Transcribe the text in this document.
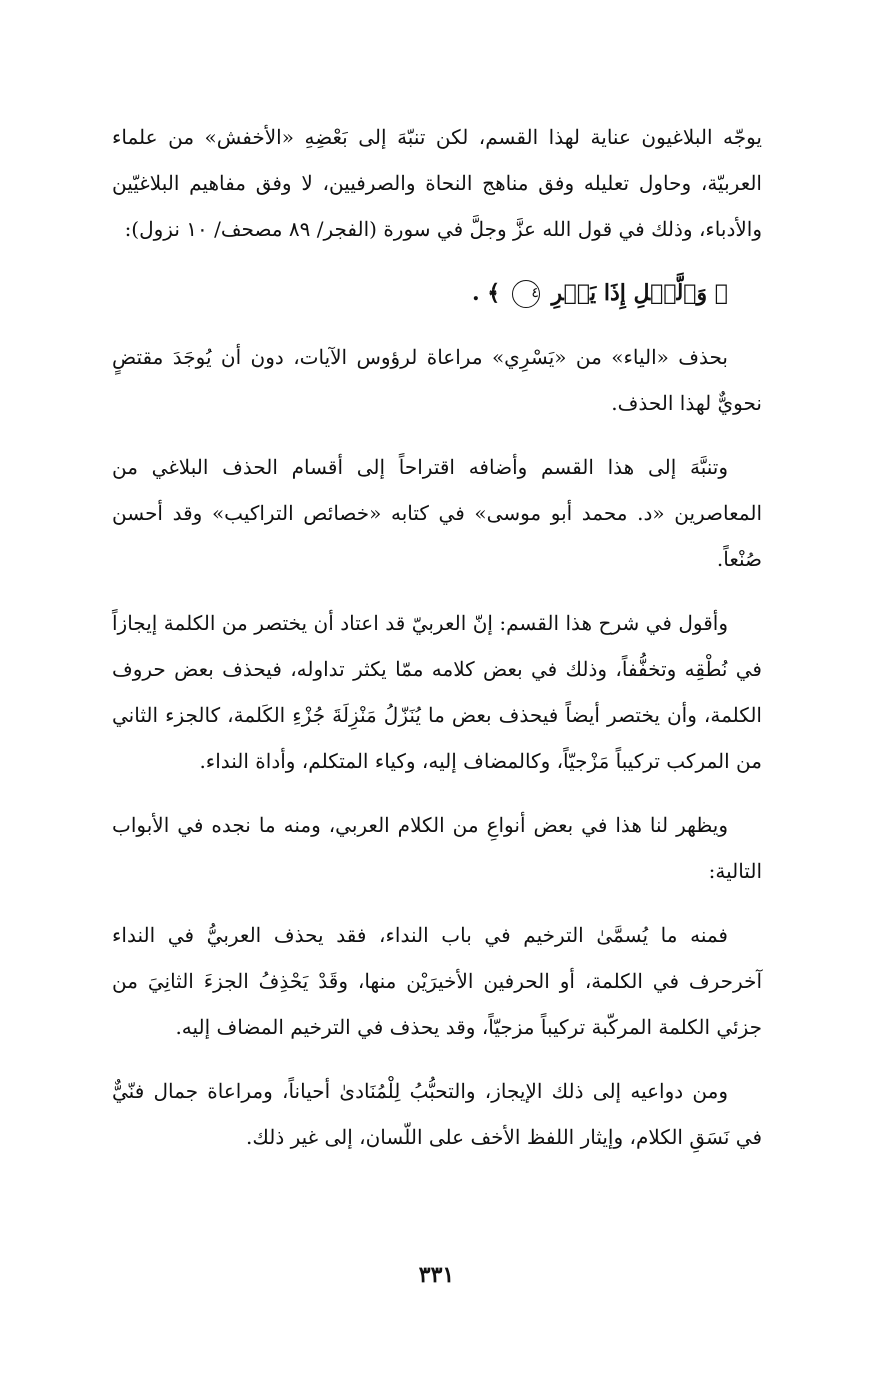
يوجّه البلاغيون عناية لهذا القسم، لكن تنبّهَ إلى بَعْضِهِ «الأخفش» من علماء العربيّة، وحاول تعليله وفق مناهج النحاة والصرفيين، لا وفق مفاهيم البلاغيّين والأدباء، وذلك في قول الله عزَّ وجلَّ في سورة (الفجر/ ٨٩ مصحف/ ١٠ نزول):

﴿ وَٱلَّيۡلِ إِذَا يَسۡرِ ٤ ﴾ .

بحذف «الياء» من «يَسْرِي» مراعاة لرؤوس الآيات، دون أن يُوجَدَ مقتضٍ نحويٌّ لهذا الحذف.

وتنبَّهَ إلى هذا القسم وأضافه اقتراحاً إلى أقسام الحذف البلاغي من المعاصرين «د. محمد أبو موسى» في كتابه «خصائص التراكيب» وقد أحسن صُنْعاً.

وأقول في شرح هذا القسم: إنّ العربيّ قد اعتاد أن يختصر من الكلمة إيجازاً في نُطْقِه وتخفُّفاً، وذلك في بعض كلامه ممّا يكثر تداوله، فيحذف بعض حروف الكلمة، وأن يختصر أيضاً فيحذف بعض ما يُنَزّلُ مَنْزِلَةَ جُزْءِ الكَلمة، كالجزء الثاني من المركب تركيباً مَزْجيّاً، وكالمضاف إليه، وكياء المتكلم، وأداة النداء.

ويظهر لنا هذا في بعض أنواعِ من الكلام العربي، ومنه ما نجده في الأبواب التالية:

فمنه ما يُسمَّىٰ الترخيم في باب النداء، فقد يحذف العربيُّ في النداء آخرحرف في الكلمة، أو الحرفين الأخيرَيْن منها، وقَدْ يَحْذِفُ الجزءَ الثانِيَ من جزئي الكلمة المركّبة تركيباً مزجيّاً، وقد يحذف في الترخيم المضاف إليه.

ومن دواعيه إلى ذلك الإيجاز، والتحبُّبُ لِلْمُنَادىٰ أحياناً، ومراعاة جمال فنّيٌّ في نَسَقِ الكلام، وإيثار اللفظ الأخف على اللّسان، إلى غير ذلك.

٣٣١
